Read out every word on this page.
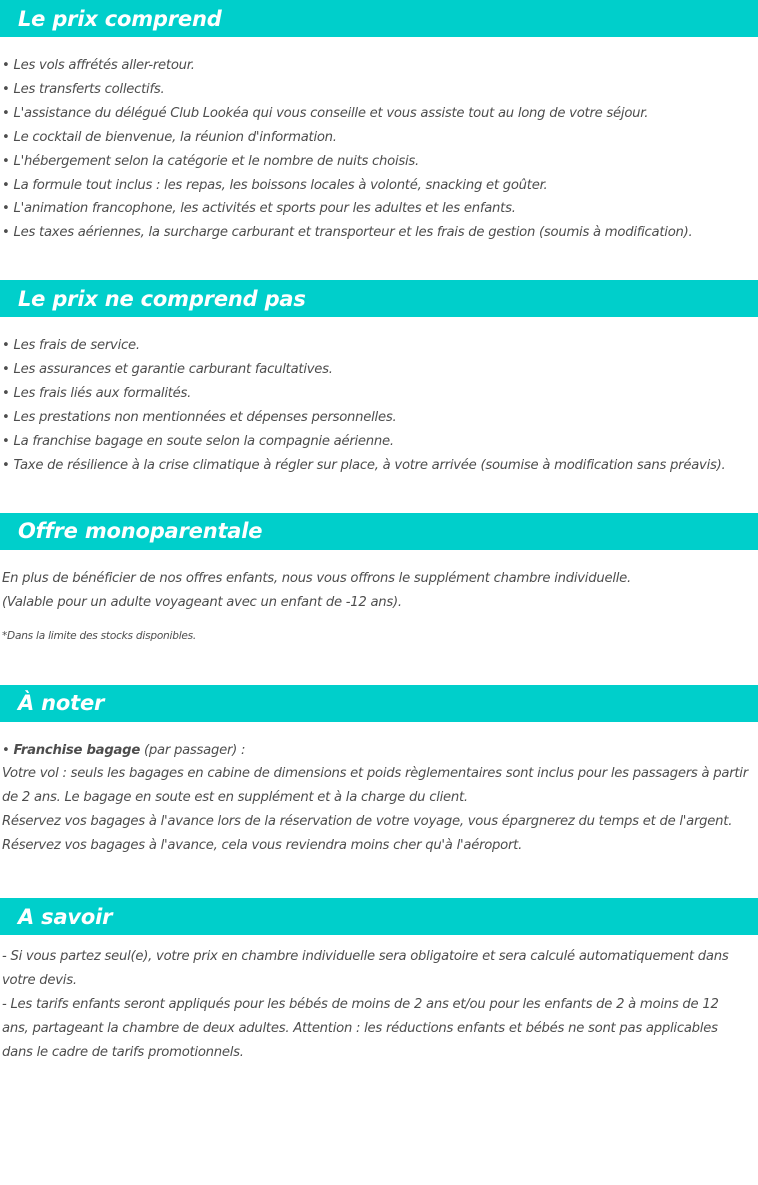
Le prix comprend
• Les vols affrétés aller-retour.
• Les transferts collectifs.
• L'assistance du délégué Club Lookéa qui vous conseille et vous assiste tout au long de votre séjour.
• Le cocktail de bienvenue, la réunion d'information.
• L'hébergement selon la catégorie et le nombre de nuits choisis.
• La formule tout inclus : les repas, les boissons locales à volonté, snacking et goûter.
• L'animation francophone, les activités et sports pour les adultes et les enfants.
• Les taxes aériennes, la surcharge carburant et transporteur et les frais de gestion (soumis à modification).
Le prix ne comprend pas
• Les frais de service.
• Les assurances et garantie carburant facultatives.
• Les frais liés aux formalités.
• Les prestations non mentionnées et dépenses personnelles.
• La franchise bagage en soute selon la compagnie aérienne.
• Taxe de résilience à la crise climatique à régler sur place, à votre arrivée (soumise à modification sans préavis).
Offre monoparentale
En plus de bénéficier de nos offres enfants, nous vous offrons le supplément chambre individuelle.
(Valable pour un adulte voyageant avec un enfant de -12 ans).
*Dans la limite des stocks disponibles.
À noter
• Franchise bagage (par passager) :
Votre vol : seuls les bagages en cabine de dimensions et poids règlementaires sont inclus pour les passagers à partir de 2 ans. Le bagage en soute est en supplément et à la charge du client.
Réservez vos bagages à l'avance lors de la réservation de votre voyage, vous épargnerez du temps et de l'argent.
Réservez vos bagages à l'avance, cela vous reviendra moins cher qu'à l'aéroport.
A savoir
- Si vous partez seul(e), votre prix en chambre individuelle sera obligatoire et sera calculé automatiquement dans votre devis.
- Les tarifs enfants seront appliqués pour les bébés de moins de 2 ans et/ou pour les enfants de 2 à moins de 12 ans, partageant la chambre de deux adultes. Attention : les réductions enfants et bébés ne sont pas applicables dans le cadre de tarifs promotionnels.
